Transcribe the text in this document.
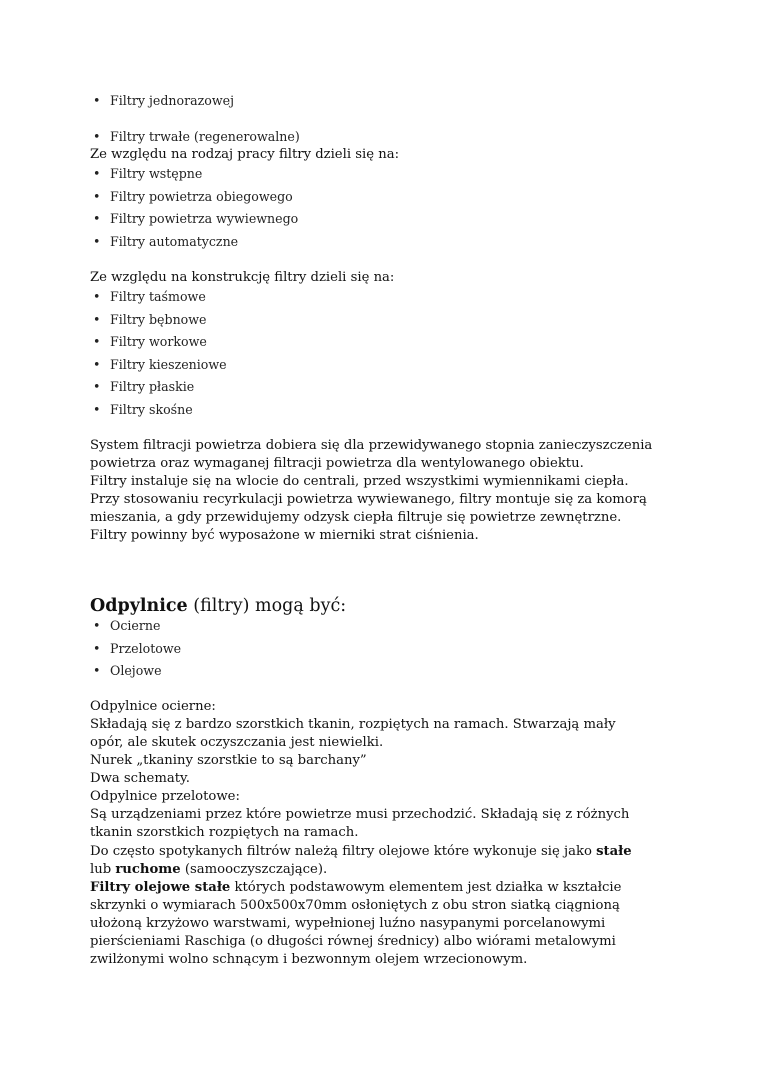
• Filtry jednorazowej
• Filtry trwałe (regenerowalne)
Ze względu na rodzaj pracy filtry dzieli się na:
• Filtry wstępne
• Filtry powietrza obiegowego
• Filtry powietrza wywiewnego
• Filtry automatyczne
Ze względu na konstrukcję filtry dzieli się na:
• Filtry taśmowe
• Filtry bębnowe
• Filtry workowe
• Filtry kieszeniowe
• Filtry płaskie
• Filtry skośne
System filtracji powietrza dobiera się dla przewidywanego stopnia zanieczyszczenia
powietrza oraz wymaganej filtracji powietrza dla wentylowanego obiektu.
Filtry instaluje się na wlocie do centrali, przed wszystkimi wymiennikami ciepła.
Przy stosowaniu recyrkulacji powietrza wywiewanego, filtry montuje się za komorą
mieszania, a gdy przewidujemy odzysk ciepła filtruje się powietrze zewnętrzne.
Filtry powinny być wyposażone w mierniki strat ciśnienia.
Odpylnice (filtry) mogą być:
• Ocierne
• Przelotowe
• Olejowe
Odpylnice ocierne:
Składają się z bardzo szorstkich tkanin, rozpiętych na ramach. Stwarzają mały
opór, ale skutek oczyszczania jest niewielki.
Nurek „tkaniny szorstkie to są barchany”
Dwa schematy.
Odpylnice przelotowe:
Są urządzeniami przez które powietrze musi przechodzić. Składają się z różnych
tkanin szorstkich rozpiętych na ramach.
Do często spotykanych filtrów należą filtry olejowe które wykonuje się jako stałe
lub ruchome (samooczyszczające).
Filtry olejowe stałe których podstawowym elementem jest działka w kształcie
skrzynki o wymiarach 500x500x70mm osłoniętych z obu stron siatką ciągnioną
ułożoną krzyżowo warstwami, wypełnionej luźno nasypanymi porcelanowymi
pierścieniami Raschiga (o długości równej średnicy) albo wiórami metalowymi
zwilżonymi wolno schnącym i bezwonnym olejem wrzecionowym.
